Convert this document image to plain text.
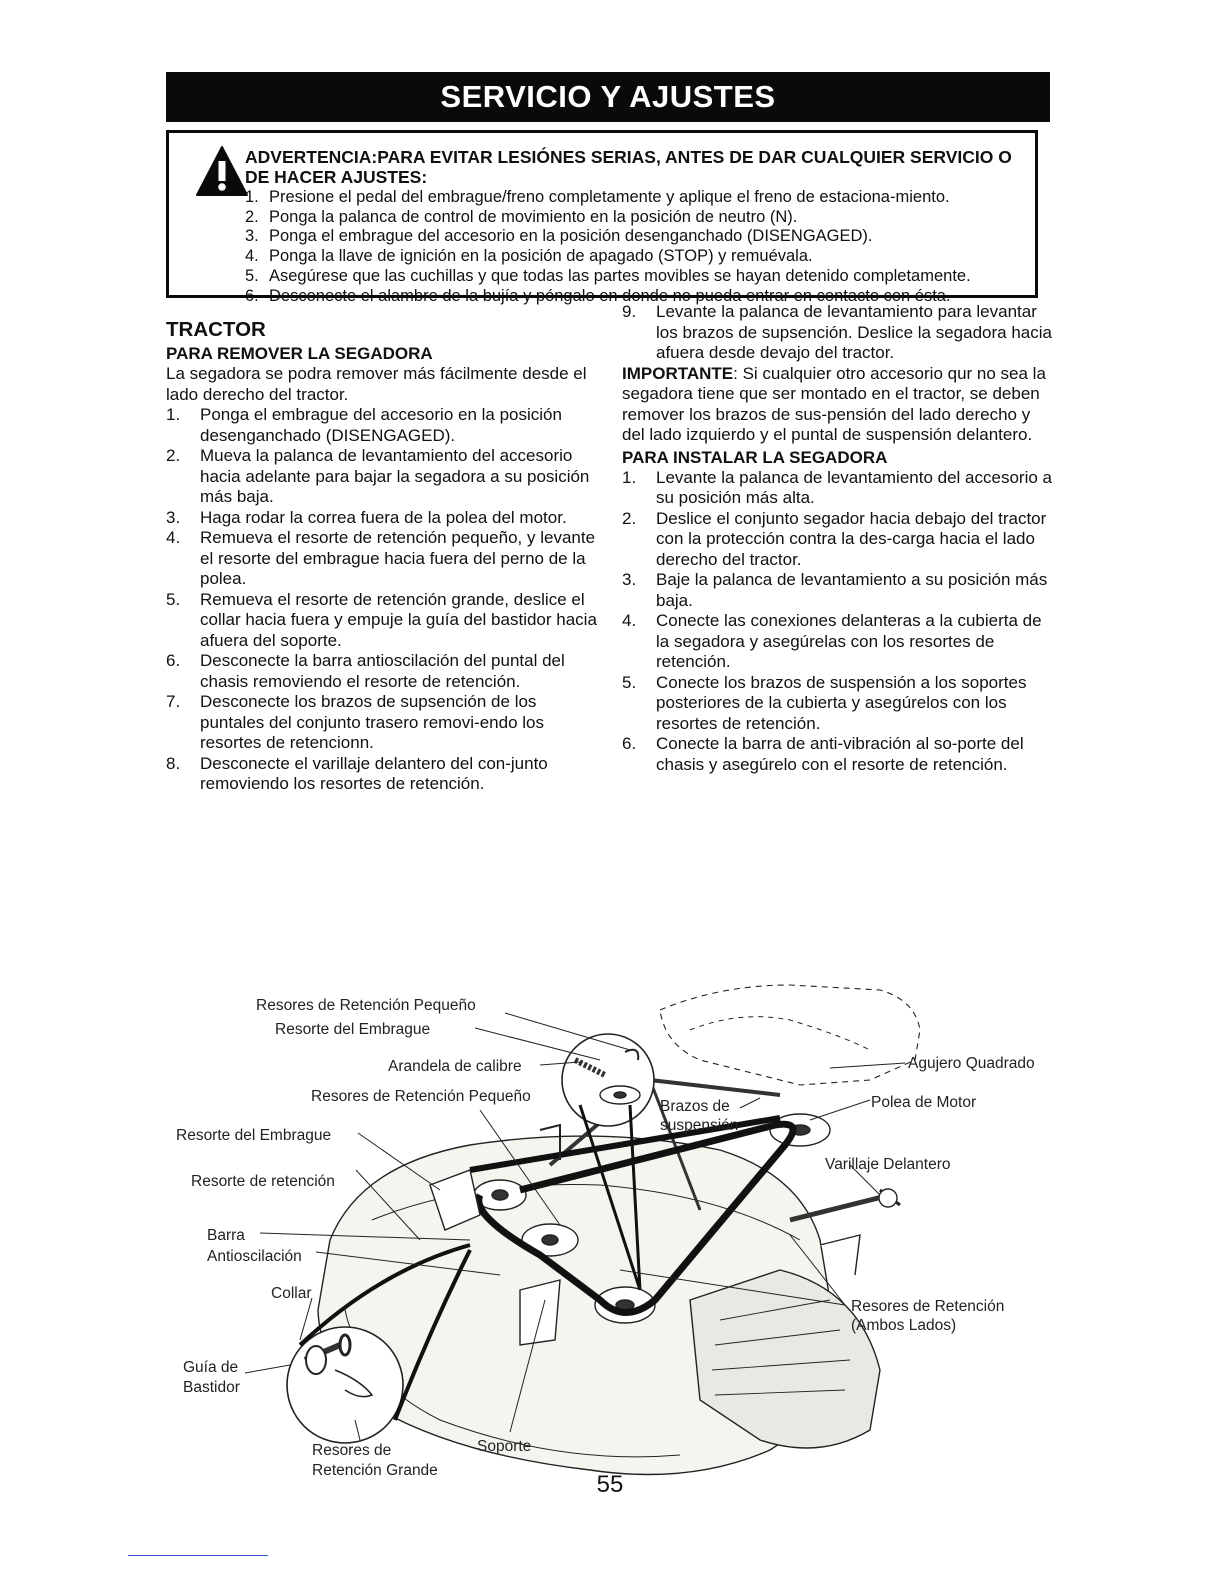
SERVICIO Y AJUSTES
ADVERTENCIA:PARA EVITAR LESIÓNES SERIAS, ANTES DE DAR CUALQUIER SERVICIO O DE HACER AJUSTES:
1. Presione el pedal del embrague/freno completamente y aplique el freno de estaciona-miento.
2. Ponga la palanca de control de movimiento en la posición de neutro (N).
3. Ponga el embrague del accesorio en la posición desenganchado (DISENGAGED).
4. Ponga la llave de ignición en la posición de apagado (STOP) y remuévala.
5. Asegúrese que las cuchillas y que todas las partes movibles se hayan detenido completamente.
6. Desconecte el alambre de la bujía y póngalo en donde no pueda entrar en contacto con ésta.
TRACTOR
PARA REMOVER LA SEGADORA
La segadora se podra remover más fácilmente desde el lado derecho del tractor.
1. Ponga el embrague del accesorio en la posición desenganchado (DISENGAGED).
2. Mueva la palanca de levantamiento del accesorio hacia adelante para bajar la segadora a su posición más baja.
3. Haga rodar la correa fuera de la polea del motor.
4. Remueva el resorte de retención pequeño, y levante el resorte del embrague hacia fuera del perno de la polea.
5. Remueva el resorte de retención grande, deslice el collar hacia fuera y empuje la guía del bastidor hacia afuera del soporte.
6. Desconecte la barra antioscilación del puntal del chasis removiendo el resorte de retención.
7. Desconecte los brazos de supsención de los puntales del conjunto trasero removi-endo los resortes de retencionn.
8. Desconecte el varillaje delantero del con-junto removiendo los resortes de retención.
9. Levante la palanca de levantamiento para levantar los brazos de supsención. Deslice la segadora hacia afuera desde devajo del tractor.
IMPORTANTE: Si cualquier otro accesorio qur no sea la segadora tiene que ser montado en el tractor, se deben remover los brazos de sus-pensión del lado derecho y del lado izquierdo y el puntal de suspensión delantero.
PARA INSTALAR LA SEGADORA
1. Levante la palanca de levantamiento del accesorio a su posición más alta.
2. Deslice el conjunto segador hacia debajo del tractor con la protección contra la des-carga hacia el lado derecho del tractor.
3. Baje la palanca de levantamiento a su posición más baja.
4. Conecte las conexiones delanteras a la cubierta de la segadora y asegúrelas con los resortes de retención.
5. Conecte los brazos de suspensión a los soportes posteriores de la cubierta y asegúrelos con los resortes de retención.
6. Conecte la barra de anti-vibración al so-porte del chasis y asegúrelo con el resorte de retención.
Resores de Retención Pequeño
Resorte del Embrague
Arandela de calibre
Resores de Retención Pequeño
Resorte del Embrague
Resorte de retención
Barra
Antioscilación
Collar
Guía de
Bastidor
Resores de
Retención Grande
Soporte
Agujero Quadrado
Polea de Motor
Brazos de
suspensión
Varillaje Delantero
Resores de Retención
(Ambos Lados)
55
